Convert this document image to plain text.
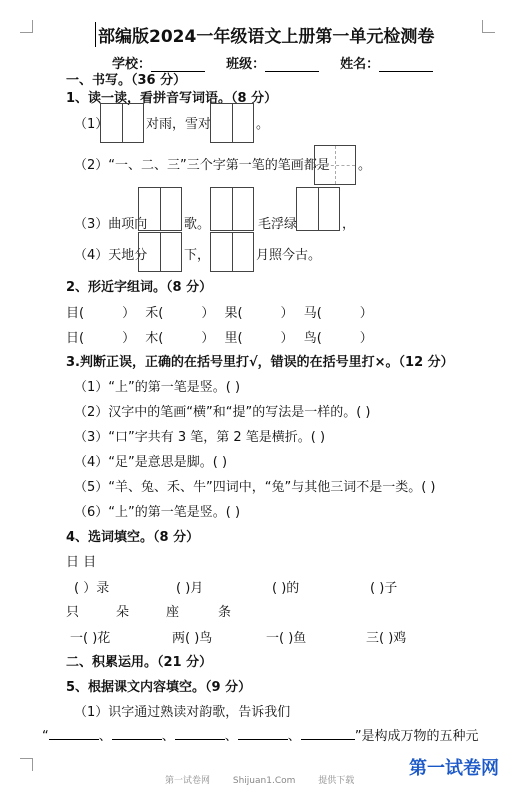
部编版2024一年级语文上册第一单元检测卷
学校：	班级：	姓名：
一、书写。（36 分）
1、读一读，看拼音写词语。（8 分）
（1）	对雨，雪对	。
（2）“一、二、三”三个字第一笔的笔画都是 。
（3）曲项向	歌。	毛浮绿	，
（4）天地分	下，	月照今古。
2、形近字组词。（8 分）
目(	） 禾(	） 果(	） 马(	）
日(	） 木(	） 里(	） 鸟(	）
3.判断正误，正确的在括号里打√，错误的在括号里打×。（12 分）
（1）“上”的第一笔是竖。( )
（2）汉字中的笔画“横”和“提”的写法是一样的。( )
（3）“口”字共有 3 笔，第 2 笔是横折。( )
（4）“足”是意思是脚。( )
（5）“羊、兔、禾、牛”四词中，“兔”与其他三词不是一类。( )
（6）“上”的第一笔是竖。( )
4、选词填空。（8 分）
日 目
( ）录	( )月	( )的	( )子
只	朵	座	条
一( )花	两( )鸟	一( )鱼	三( )鸡
二、积累运用。（21 分）
5、根据课文内容填空。（9 分）
（1）识字通过熟读对韵歌，告诉我们
“	、	、	、	、	”是构成万物的五种元
第一试卷网	Shijuan1.Com	提供下载
第一试卷网
